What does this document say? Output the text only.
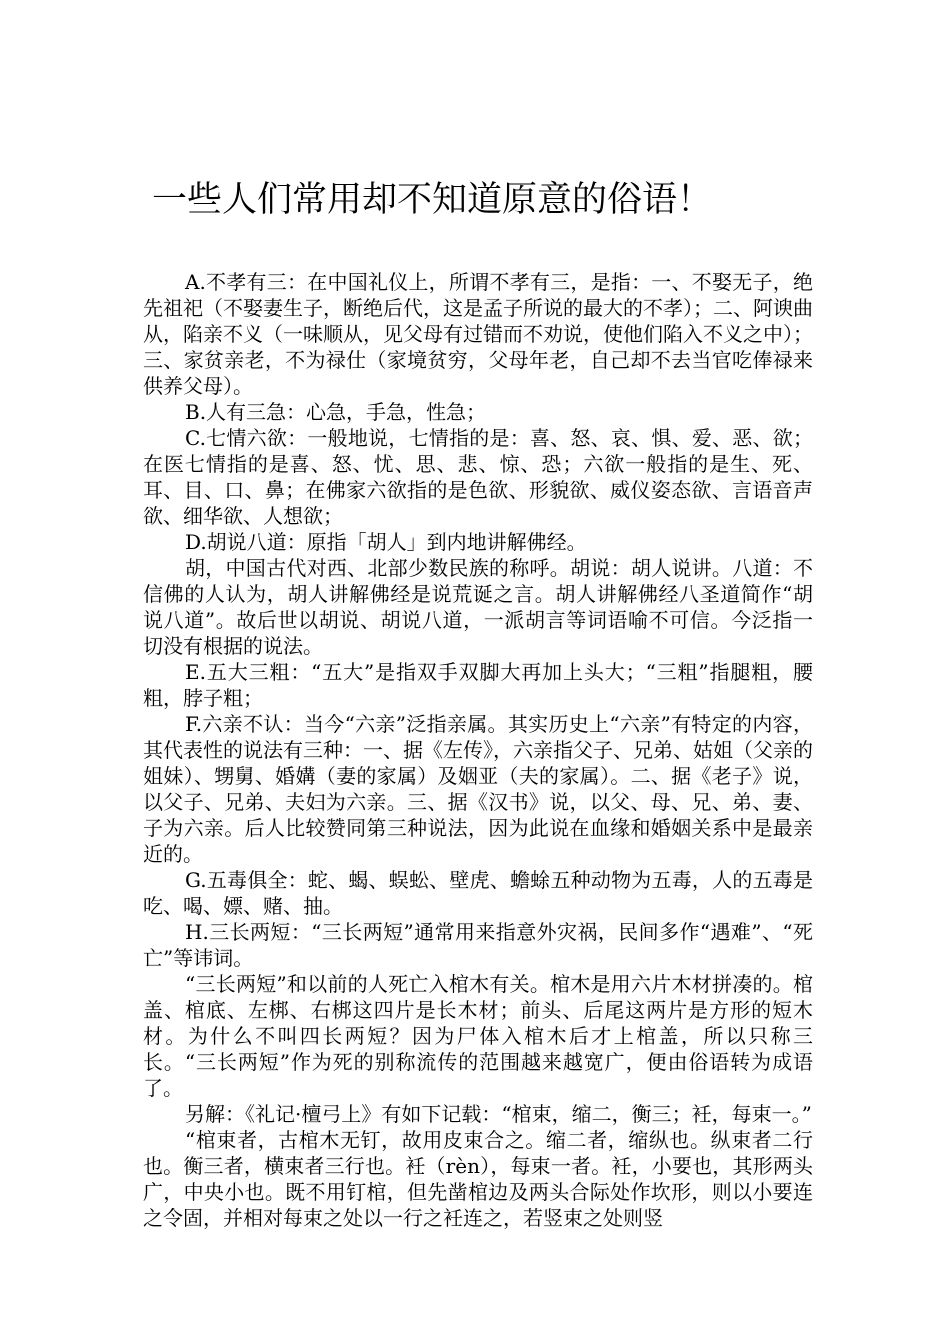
一些人们常用却不知道原意的俗语！

A.不孝有三：在中国礼仪上，所谓不孝有三，是指：一、不娶无子，绝先祖祀（不娶妻生子，断绝后代，这是孟子所说的最大的不孝）；二、阿谀曲从，陷亲不义（一味顺从，见父母有过错而不劝说，使他们陷入不义之中）；三、家贫亲老，不为禄仕（家境贫穷，父母年老，自己却不去当官吃俸禄来供养父母）。

B.人有三急：心急，手急，性急；

C.七情六欲：一般地说，七情指的是：喜、怒、哀、惧、爱、恶、欲；在医七情指的是喜、怒、忧、思、悲、惊、恐；六欲一般指的是生、死、耳、目、口、鼻；在佛家六欲指的是色欲、形貌欲、威仪姿态欲、言语音声欲、细华欲、人想欲；

D.胡说八道：原指「胡人」到内地讲解佛经。

胡，中国古代对西、北部少数民族的称呼。胡说：胡人说讲。八道：不信佛的人认为，胡人讲解佛经是说荒诞之言。胡人讲解佛经八圣道简作“胡说八道”。故后世以胡说、胡说八道，一派胡言等词语喻不可信。今泛指一切没有根据的说法。

E.五大三粗：“五大”是指双手双脚大再加上头大；“三粗”指腿粗，腰粗，脖子粗；

F.六亲不认：当今“六亲”泛指亲属。其实历史上“六亲”有特定的内容，其代表性的说法有三种：一、据《左传》，六亲指父子、兄弟、姑姐（父亲的姐妹）、甥舅、婚媾（妻的家属）及姻亚（夫的家属）。二、据《老子》说，以父子、兄弟、夫妇为六亲。三、据《汉书》说，以父、母、兄、弟、妻、子为六亲。后人比较赞同第三种说法，因为此说在血缘和婚姻关系中是最亲近的。

G.五毒俱全：蛇、蝎、蜈蚣、壁虎、蟾蜍五种动物为五毒，人的五毒是吃、喝、嫖、赌、抽。

H.三长两短：“三长两短”通常用来指意外灾祸，民间多作“遇难”、“死亡”等讳词。

“三长两短”和以前的人死亡入棺木有关。棺木是用六片木材拼凑的。棺盖、棺底、左梆、右梆这四片是长木材；前头、后尾这两片是方形的短木材。为什么不叫四长两短？因为尸体入棺木后才上棺盖，所以只称三长。“三长两短”作为死的别称流传的范围越来越宽广，便由俗语转为成语了。

另解：《礼记·檀弓上》有如下记载：“棺束，缩二，衡三；衽，每束一。”

“棺束者，古棺木无钉，故用皮束合之。缩二者，缩纵也。纵束者二行也。衡三者，横束者三行也。衽（rèn），每束一者。衽，小要也，其形两头广，中央小也。既不用钉棺，但先凿棺边及两头合际处作坎形，则以小要连之令固，并相对每束之处以一行之衽连之，若竖束之处则竖
